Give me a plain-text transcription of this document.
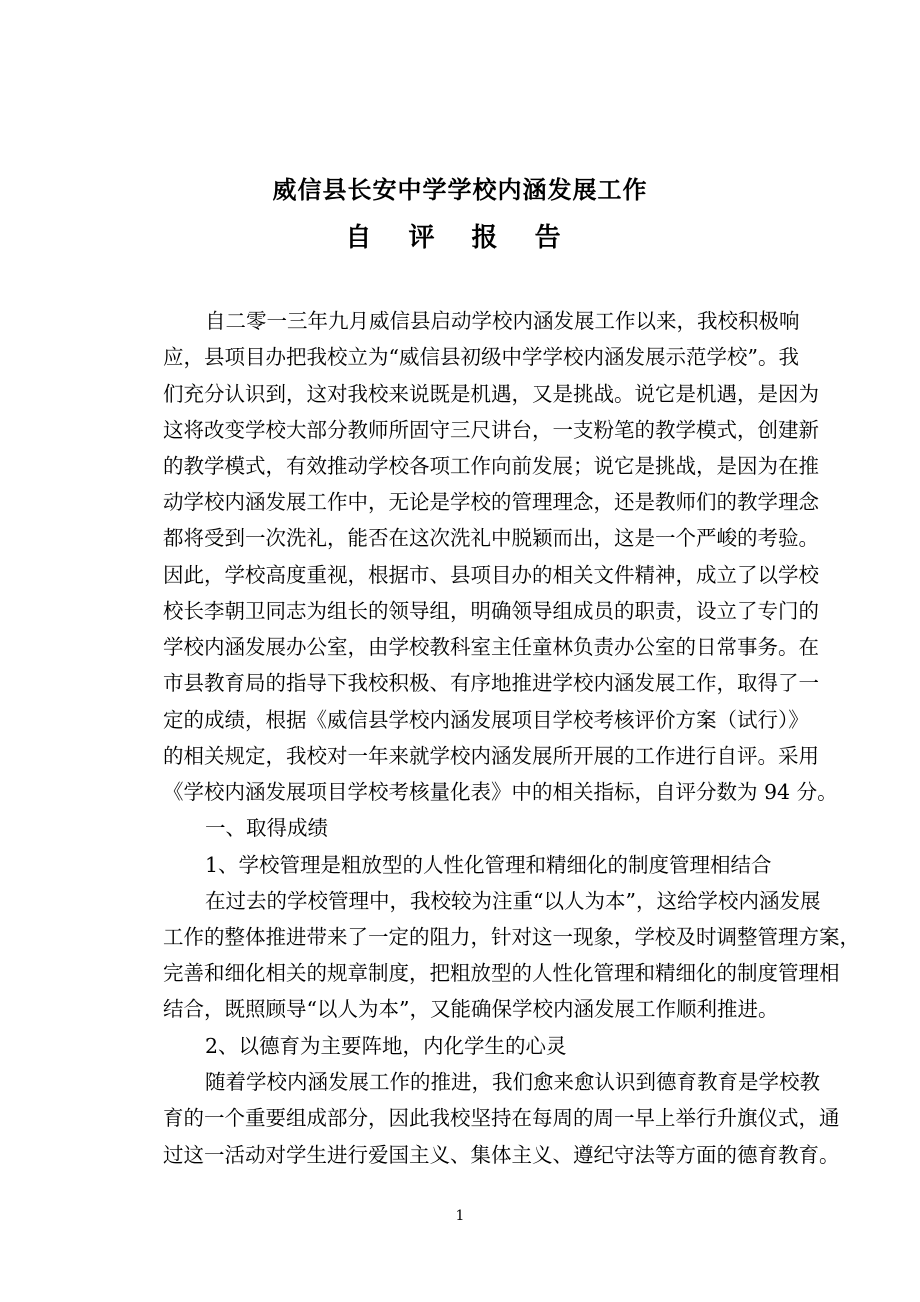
威信县长安中学学校内涵发展工作
自 评 报 告
自二零一三年九月威信县启动学校内涵发展工作以来，我校积极响
应，县项目办把我校立为“威信县初级中学学校内涵发展示范学校”。我
们充分认识到，这对我校来说既是机遇，又是挑战。说它是机遇，是因为
这将改变学校大部分教师所固守三尺讲台，一支粉笔的教学模式，创建新
的教学模式，有效推动学校各项工作向前发展；说它是挑战，是因为在推
动学校内涵发展工作中，无论是学校的管理理念，还是教师们的教学理念
都将受到一次洗礼，能否在这次洗礼中脱颖而出，这是一个严峻的考验。
因此，学校高度重视，根据市、县项目办的相关文件精神，成立了以学校
校长李朝卫同志为组长的领导组，明确领导组成员的职责，设立了专门的
学校内涵发展办公室，由学校教科室主任童林负责办公室的日常事务。在
市县教育局的指导下我校积极、有序地推进学校内涵发展工作，取得了一
定的成绩，根据《威信县学校内涵发展项目学校考核评价方案（试行）》
的相关规定，我校对一年来就学校内涵发展所开展的工作进行自评。采用
《学校内涵发展项目学校考核量化表》中的相关指标，自评分数为 94 分。
一、取得成绩
1、学校管理是粗放型的人性化管理和精细化的制度管理相结合
在过去的学校管理中，我校较为注重“以人为本”，这给学校内涵发展
工作的整体推进带来了一定的阻力，针对这一现象，学校及时调整管理方案，
完善和细化相关的规章制度，把粗放型的人性化管理和精细化的制度管理相
结合，既照顾导“以人为本”，又能确保学校内涵发展工作顺利推进。
2、以德育为主要阵地，内化学生的心灵
随着学校内涵发展工作的推进，我们愈来愈认识到德育教育是学校教
育的一个重要组成部分，因此我校坚持在每周的周一早上举行升旗仪式，通
过这一活动对学生进行爱国主义、集体主义、遵纪守法等方面的德育教育。
1
